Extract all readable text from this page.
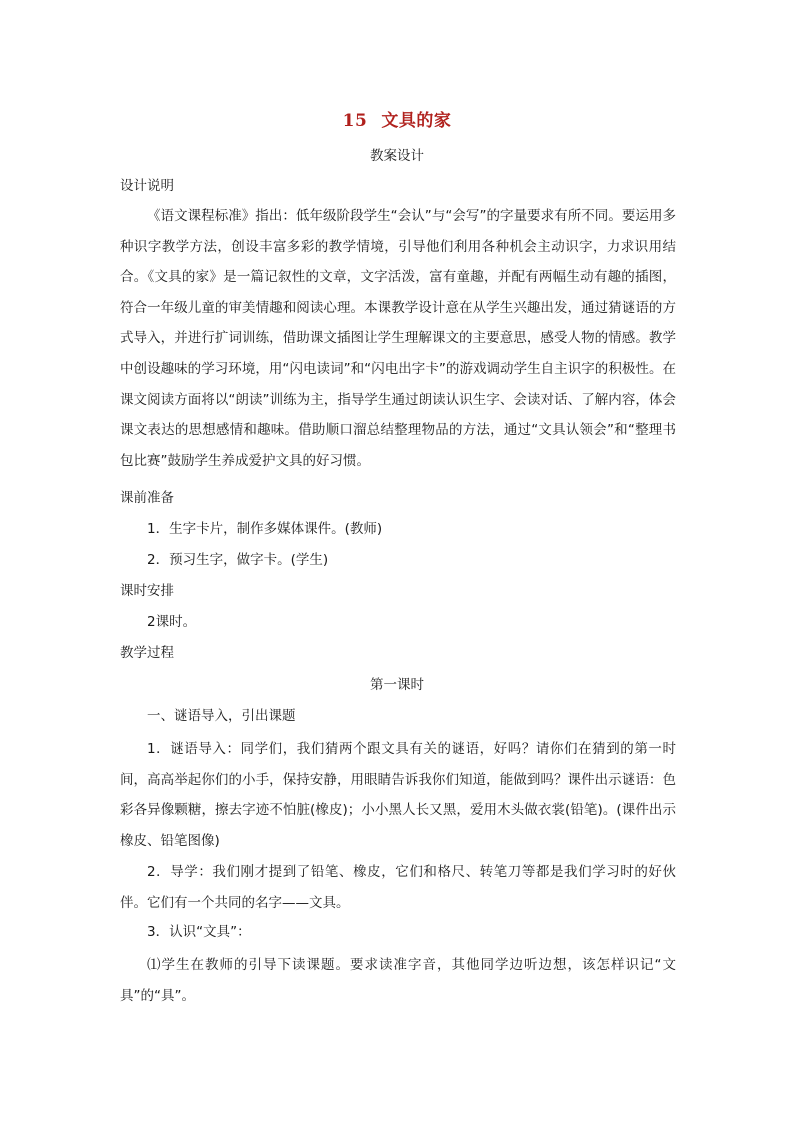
15 文具的家
教案设计
设计说明
《语文课程标准》指出：低年级阶段学生“会认”与“会写”的字量要求有所不同。要运用多种识字教学方法，创设丰富多彩的教学情境，引导他们利用各种机会主动识字，力求识用结合。《文具的家》是一篇记叙性的文章，文字活泼，富有童趣，并配有两幅生动有趣的插图，符合一年级儿童的审美情趣和阅读心理。本课教学设计意在从学生兴趣出发，通过猜谜语的方式导入，并进行扩词训练，借助课文插图让学生理解课文的主要意思，感受人物的情感。教学中创设趣味的学习环境，用“闪电读词”和“闪电出字卡”的游戏调动学生自主识字的积极性。在课文阅读方面将以“朗读”训练为主，指导学生通过朗读认识生字、会读对话、了解内容，体会课文表达的思想感情和趣味。借助顺口溜总结整理物品的方法，通过“文具认领会”和“整理书包比赛”鼓励学生养成爱护文具的好习惯。
课前准备
1．生字卡片，制作多媒体课件。(教师)
2．预习生字，做字卡。(学生)
课时安排
2课时。
教学过程
第一课时
一、谜语导入，引出课题
1．谜语导入：同学们，我们猜两个跟文具有关的谜语，好吗？请你们在猜到的第一时间，高高举起你们的小手，保持安静，用眼睛告诉我你们知道，能做到吗？课件出示谜语：色彩各异像颗糖，擦去字迹不怕脏(橡皮)；小小黑人长又黑，爱用木头做衣裳(铅笔)。(课件出示橡皮、铅笔图像)
2．导学：我们刚才提到了铅笔、橡皮，它们和格尺、转笔刀等都是我们学习时的好伙伴。它们有一个共同的名字——文具。
3．认识“文具”：
⑴学生在教师的引导下读课题。要求读准字音，其他同学边听边想，该怎样识记“文具”的“具”。
